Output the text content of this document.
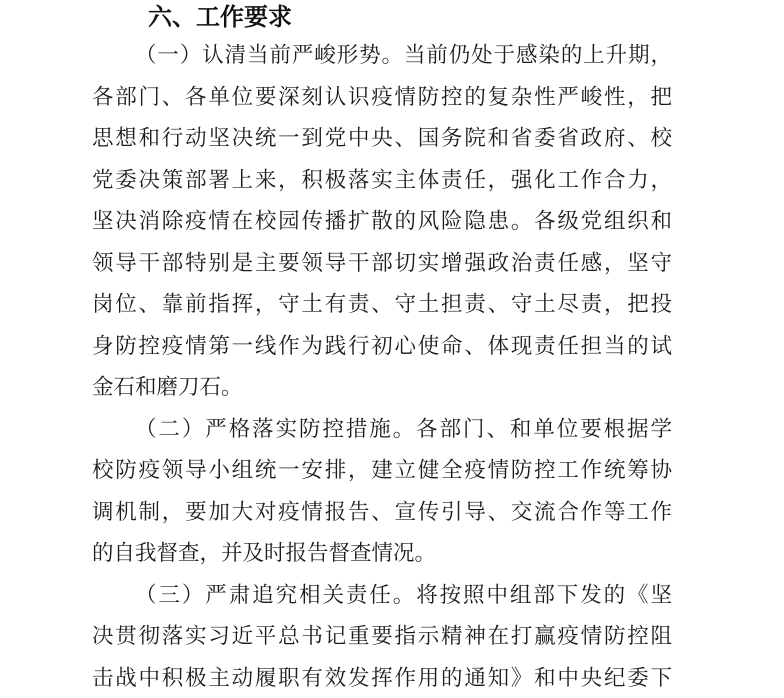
六、工作要求
（一）认清当前严峻形势。当前仍处于感染的上升期，
各部门、各单位要深刻认识疫情防控的复杂性严峻性，把
思想和行动坚决统一到党中央、国务院和省委省政府、校
党委决策部署上来，积极落实主体责任，强化工作合力，
坚决消除疫情在校园传播扩散的风险隐患。各级党组织和
领导干部特别是主要领导干部切实增强政治责任感，坚守
岗位、靠前指挥，守土有责、守土担责、守土尽责，把投
身防控疫情第一线作为践行初心使命、体现责任担当的试
金石和磨刀石。
（二）严格落实防控措施。各部门、和单位要根据学
校防疫领导小组统一安排，建立健全疫情防控工作统筹协
调机制，要加大对疫情报告、宣传引导、交流合作等工作
的自我督查，并及时报告督查情况。
（三）严肃追究相关责任。将按照中组部下发的《坚
决贯彻落实习近平总书记重要指示精神在打赢疫情防控阻
击战中积极主动履职有效发挥作用的通知》和中央纪委下
